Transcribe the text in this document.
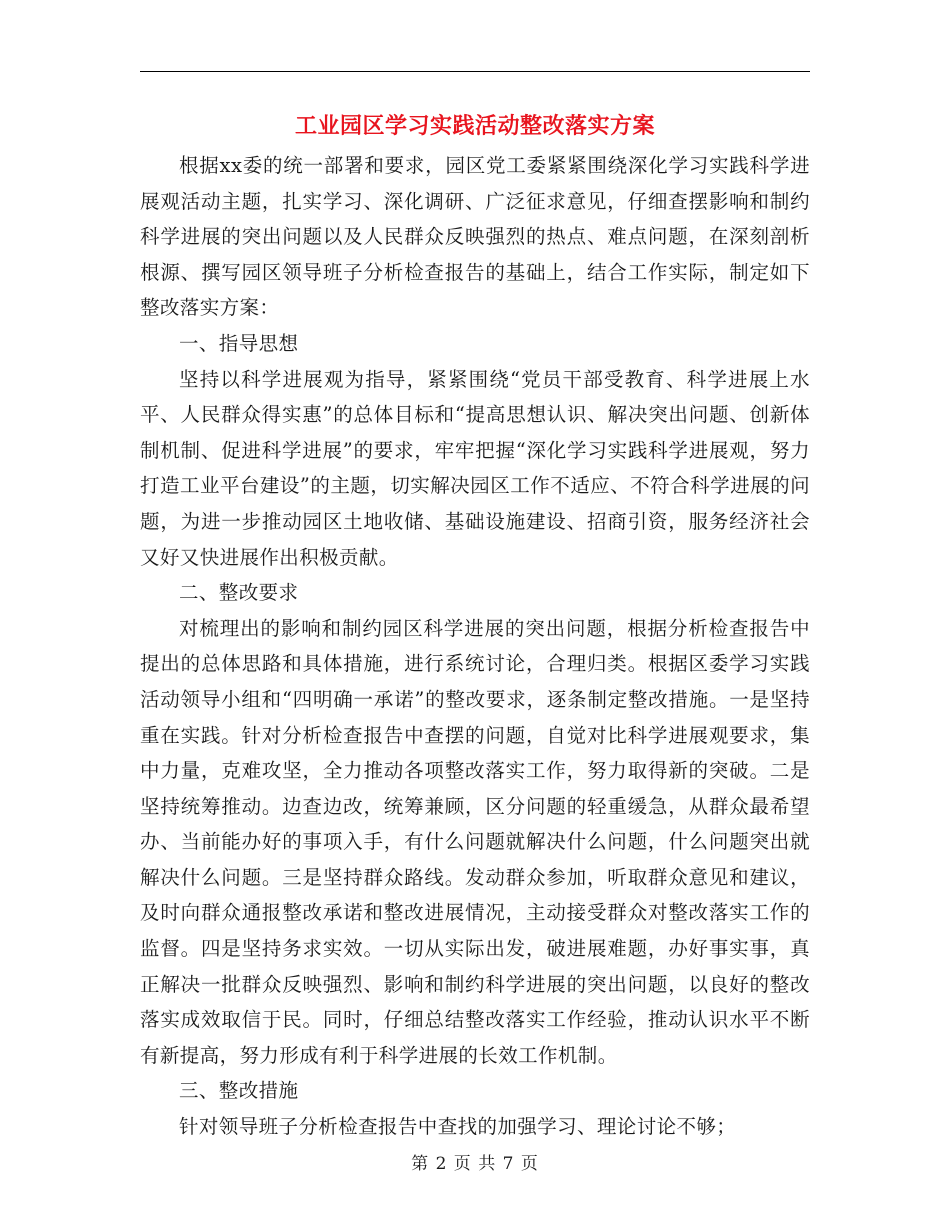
工业园区学习实践活动整改落实方案

根据xx委的统一部署和要求，园区党工委紧紧围绕深化学习实践科学进展观活动主题，扎实学习、深化调研、广泛征求意见，仔细查摆影响和制约科学进展的突出问题以及人民群众反映强烈的热点、难点问题，在深刻剖析根源、撰写园区领导班子分析检查报告的基础上，结合工作实际，制定如下整改落实方案：

一、指导思想

坚持以科学进展观为指导，紧紧围绕“党员干部受教育、科学进展上水平、人民群众得实惠”的总体目标和“提高思想认识、解决突出问题、创新体制机制、促进科学进展”的要求，牢牢把握“深化学习实践科学进展观，努力打造工业平台建设”的主题，切实解决园区工作不适应、不符合科学进展的问题，为进一步推动园区土地收储、基础设施建设、招商引资，服务经济社会又好又快进展作出积极贡献。

二、整改要求

对梳理出的影响和制约园区科学进展的突出问题，根据分析检查报告中提出的总体思路和具体措施，进行系统讨论，合理归类。根据区委学习实践活动领导小组和“四明确一承诺”的整改要求，逐条制定整改措施。一是坚持重在实践。针对分析检查报告中查摆的问题，自觉对比科学进展观要求，集中力量，克难攻坚，全力推动各项整改落实工作，努力取得新的突破。二是坚持统筹推动。边查边改，统筹兼顾，区分问题的轻重缓急，从群众最希望办、当前能办好的事项入手，有什么问题就解决什么问题，什么问题突出就解决什么问题。三是坚持群众路线。发动群众参加，听取群众意见和建议，及时向群众通报整改承诺和整改进展情况，主动接受群众对整改落实工作的监督。四是坚持务求实效。一切从实际出发，破进展难题，办好事实事，真正解决一批群众反映强烈、影响和制约科学进展的突出问题，以良好的整改落实成效取信于民。同时，仔细总结整改落实工作经验，推动认识水平不断有新提高，努力形成有利于科学进展的长效工作机制。

三、整改措施

针对领导班子分析检查报告中查找的加强学习、理论讨论不够；

第 2 页 共 7 页
